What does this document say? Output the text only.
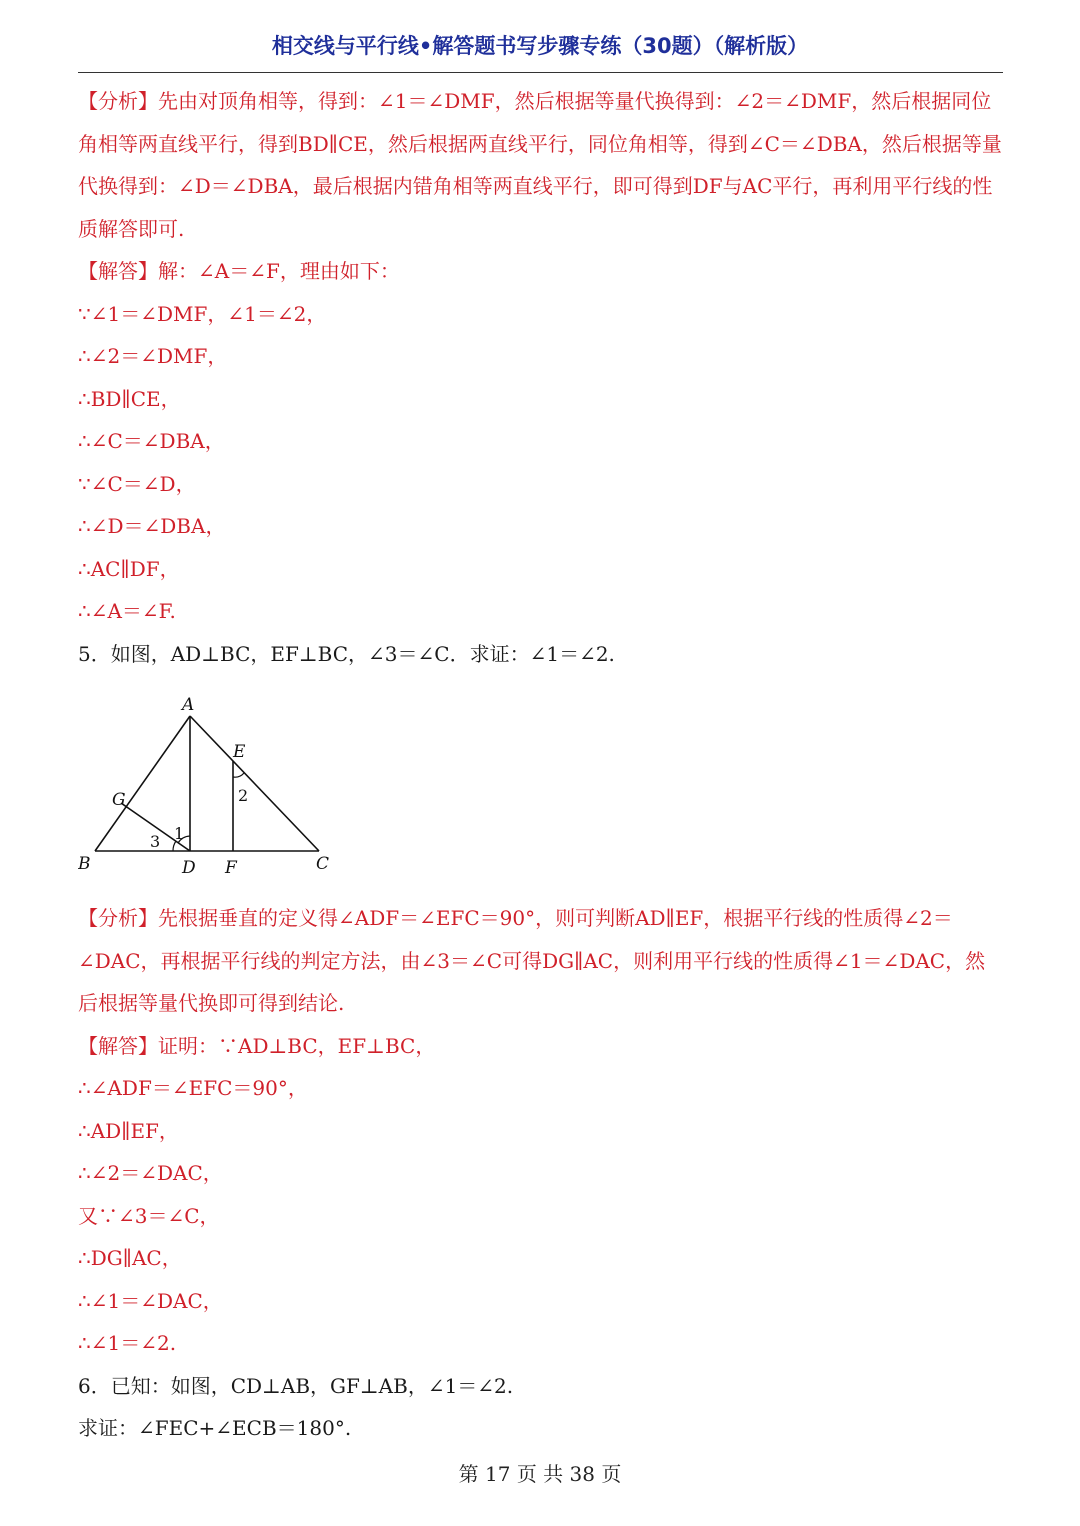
相交线与平行线•解答题书写步骤专练（30题）（解析版）

【分析】先由对顶角相等，得到：∠1＝∠DMF，然后根据等量代换得到：∠2＝∠DMF，然后根据同位角相等两直线平行，得到BD∥CE，然后根据两直线平行，同位角相等，得到∠C＝∠DBA，然后根据等量代换得到：∠D＝∠DBA，最后根据内错角相等两直线平行，即可得到DF与AC平行，再利用平行线的性质解答即可.

【解答】解：∠A＝∠F，理由如下：

∵∠1＝∠DMF，∠1＝∠2，

∴∠2＝∠DMF，

∴BD∥CE，

∴∠C＝∠DBA，

∵∠C＝∠D，

∴∠D＝∠DBA，

∴AC∥DF，

∴∠A＝∠F.

5．如图，AD⊥BC，EF⊥BC，∠3＝∠C．求证：∠1＝∠2.

A
B	C
D
E
F
G
1
2
3

【分析】先根据垂直的定义得∠ADF＝∠EFC＝90°，则可判断AD∥EF，根据平行线的性质得∠2＝∠DAC，再根据平行线的判定方法，由∠3＝∠C可得DG∥AC，则利用平行线的性质得∠1＝∠DAC，然后根据等量代换即可得到结论.

【解答】证明：∵AD⊥BC，EF⊥BC，

∴∠ADF＝∠EFC＝90°，

∴AD∥EF，

∴∠2＝∠DAC，

又∵∠3＝∠C，

∴DG∥AC，

∴∠1＝∠DAC，

∴∠1＝∠2.

6．已知：如图，CD⊥AB，GF⊥AB，∠1＝∠2.

求证：∠FEC+∠ECB＝180°.

第 17 页 共 38 页
